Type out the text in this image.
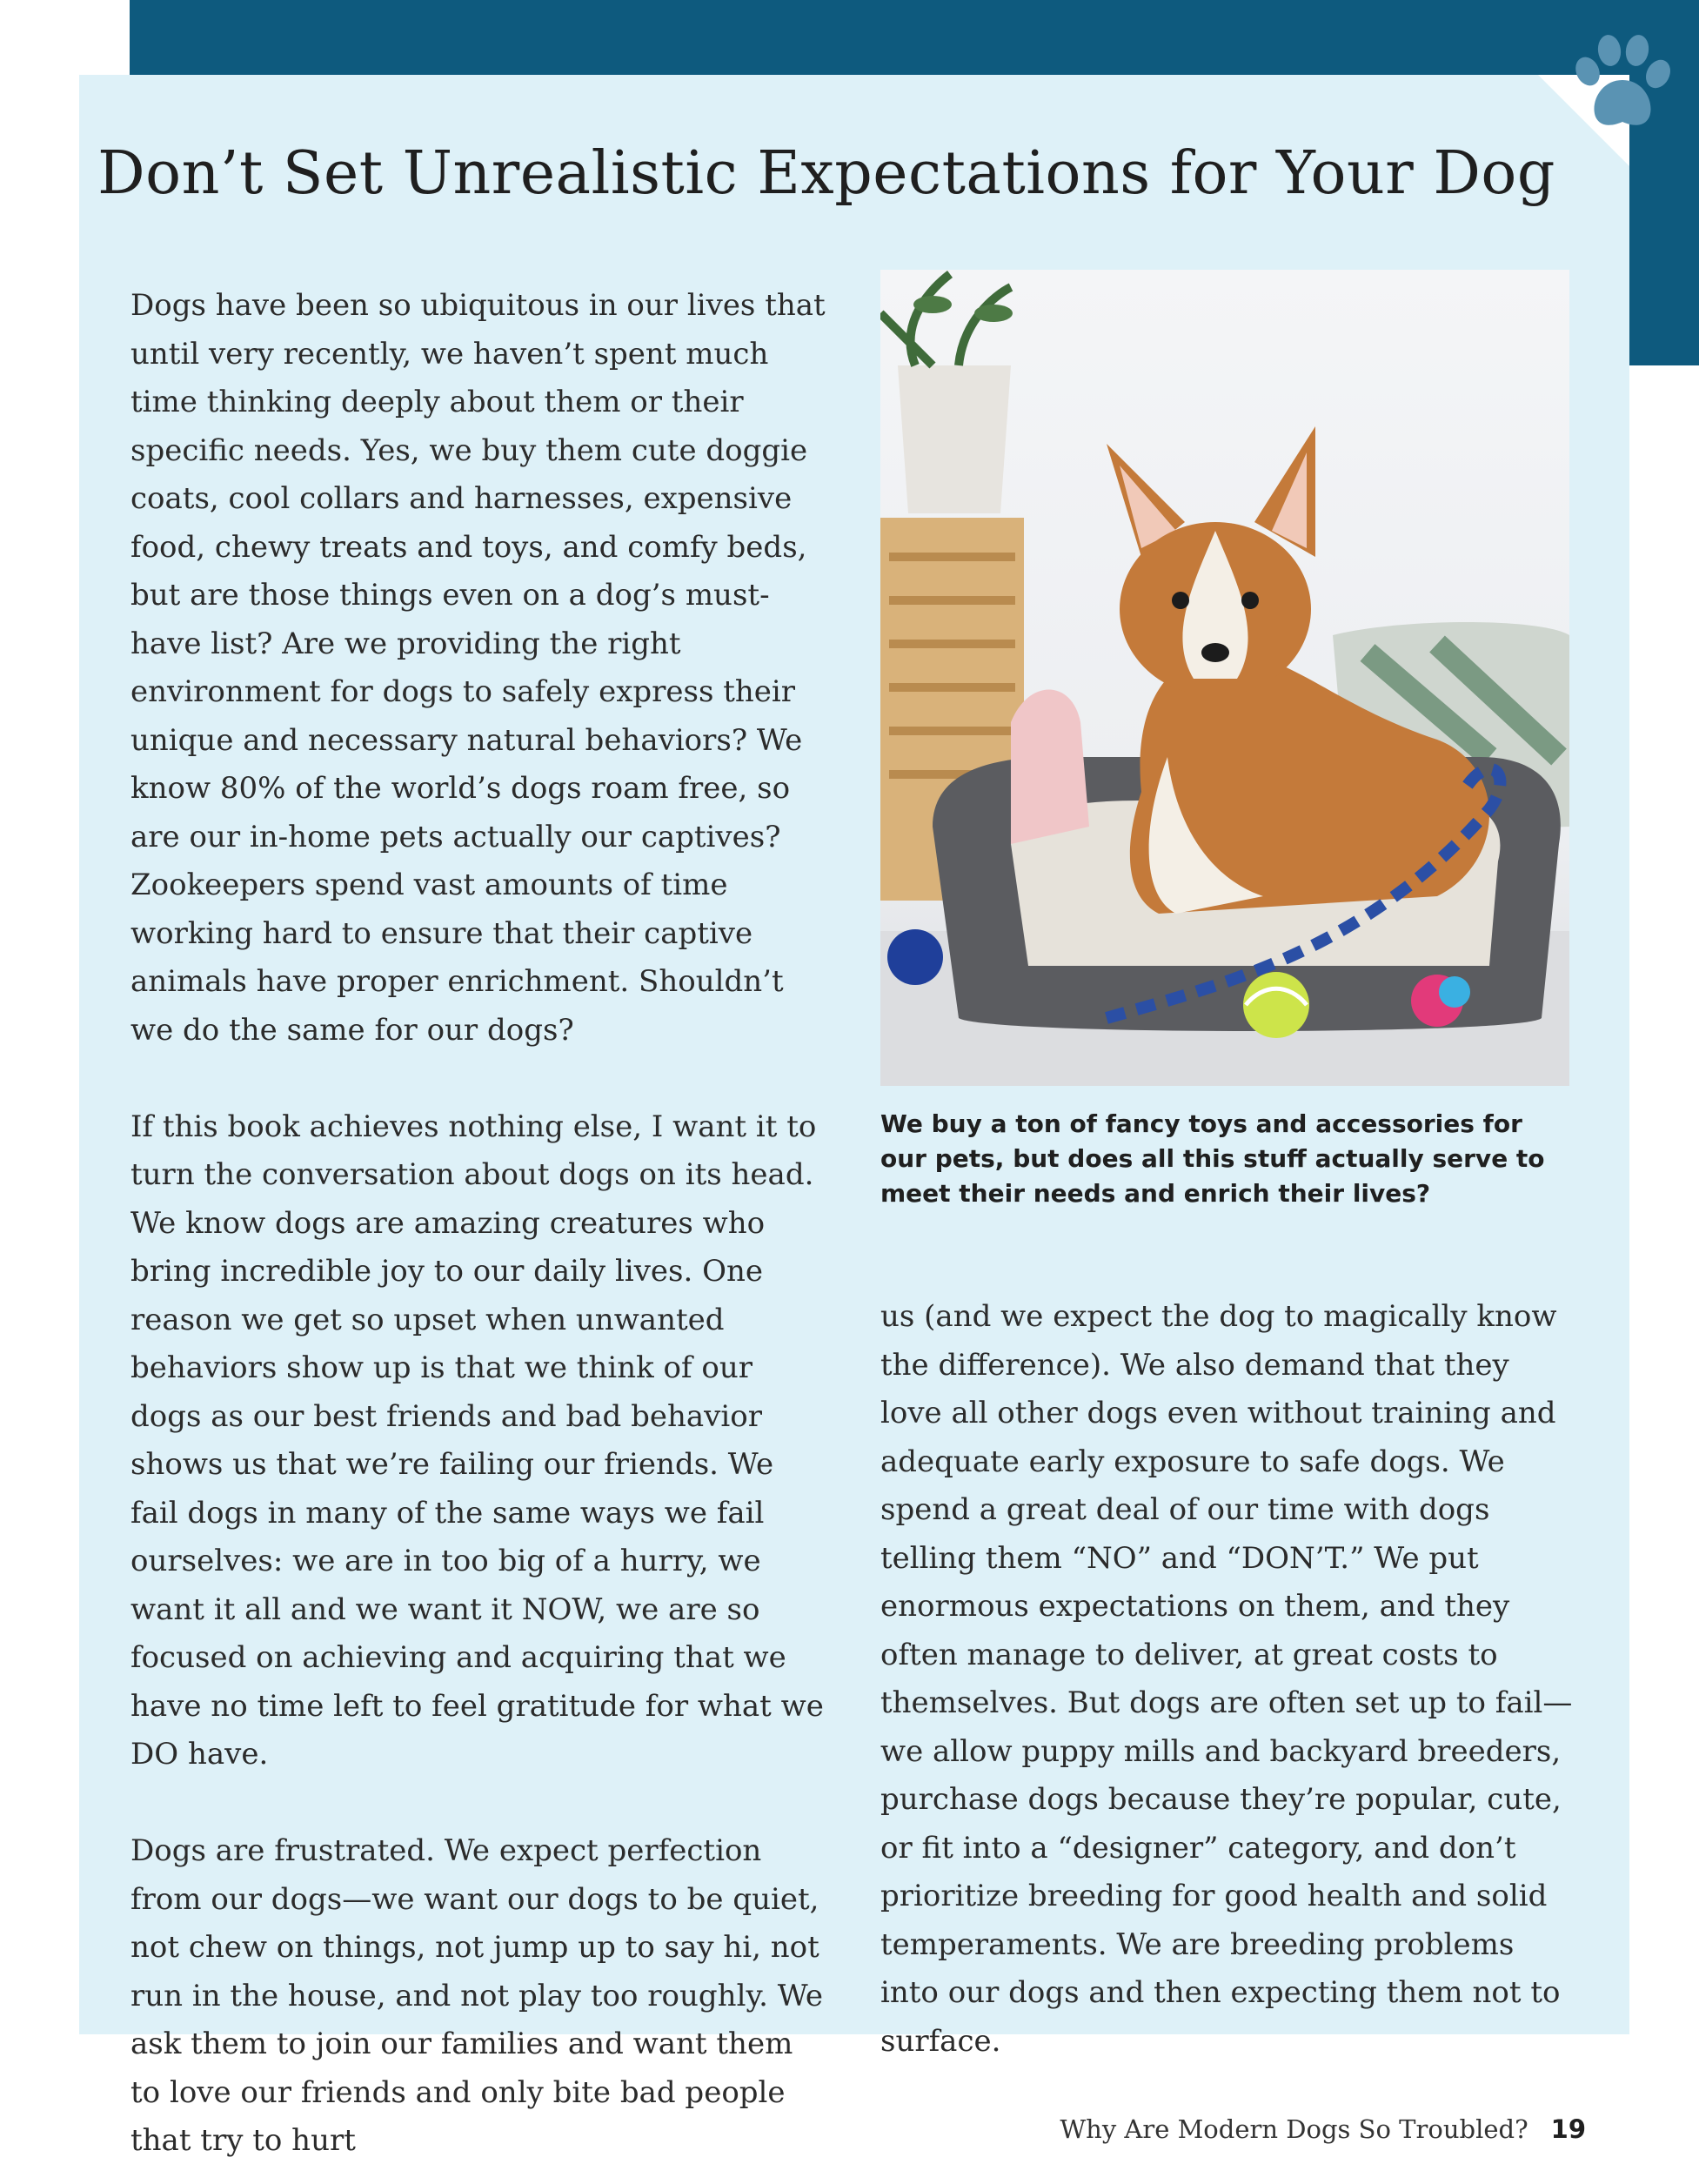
Don’t Set Unrealistic Expectations for Your Dog

Dogs have been so ubiquitous in our lives that until very recently, we haven’t spent much time thinking deeply about them or their specific needs. Yes, we buy them cute doggie coats, cool collars and harnesses, expensive food, chewy treats and toys, and comfy beds, but are those things even on a dog’s must-have list? Are we providing the right environment for dogs to safely express their unique and necessary natural behaviors? We know 80% of the world’s dogs roam free, so are our in-home pets actually our captives? Zookeepers spend vast amounts of time working hard to ensure that their captive animals have proper enrichment. Shouldn’t we do the same for our dogs?

If this book achieves nothing else, I want it to turn the conversation about dogs on its head. We know dogs are amazing creatures who bring incredible joy to our daily lives. One reason we get so upset when unwanted behaviors show up is that we think of our dogs as our best friends and bad behavior shows us that we’re failing our friends. We fail dogs in many of the same ways we fail ourselves: we are in too big of a hurry, we want it all and we want it NOW, we are so focused on achieving and acquiring that we have no time left to feel gratitude for what we DO have.

Dogs are frustrated. We expect perfection from our dogs—we want our dogs to be quiet, not chew on things, not jump up to say hi, not run in the house, and not play too roughly. We ask them to join our families and want them to love our friends and only bite bad people that try to hurt

We buy a ton of fancy toys and accessories for our pets, but does all this stuff actually serve to meet their needs and enrich their lives?

us (and we expect the dog to magically know the difference). We also demand that they love all other dogs even without training and adequate early exposure to safe dogs. We spend a great deal of our time with dogs telling them “NO” and “DON’T.” We put enormous expectations on them, and they often manage to deliver, at great costs to themselves. But dogs are often set up to fail—we allow puppy mills and backyard breeders, purchase dogs because they’re popular, cute, or fit into a “designer” category, and don’t prioritize breeding for good health and solid temperaments. We are breeding problems into our dogs and then expecting them not to surface.

Why Are Modern Dogs So Troubled? 19
